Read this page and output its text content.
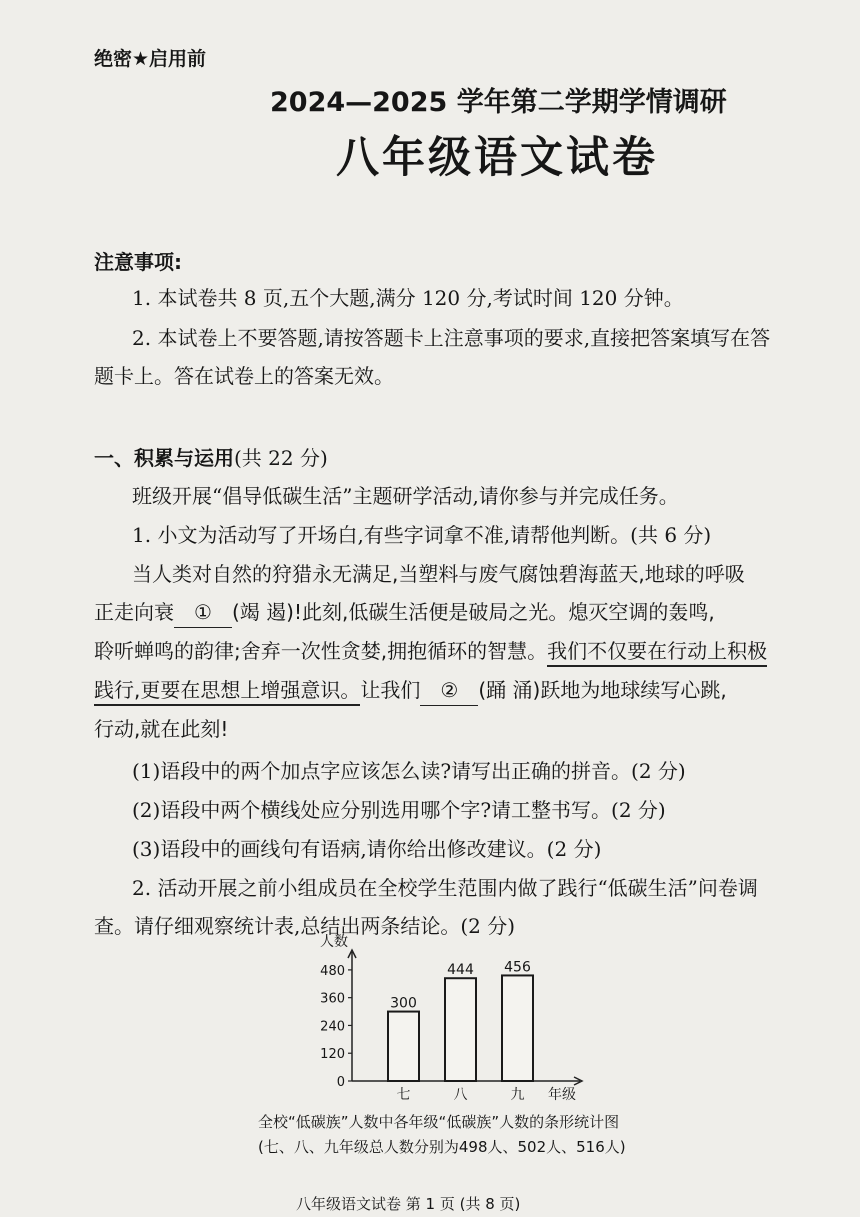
绝密★启用前
2024—2025 学年第二学期学情调研
八年级语文试卷
注意事项:
1. 本试卷共 8 页,五个大题,满分 120 分,考试时间 120 分钟。
2. 本试卷上不要答题,请按答题卡上注意事项的要求,直接把答案填写在答
题卡上。答在试卷上的答案无效。
一、积累与运用(共 22 分)
班级开展“倡导低碳生活”主题研学活动,请你参与并完成任务。
1. 小文为活动写了开场白,有些字词拿不准,请帮他判断。(共 6 分)
当人类对自然的狩猎永无满足,当塑料与废气腐蚀碧海蓝天,地球的呼吸
正走向衰 ① (竭 遏)!此刻,低碳生活便是破局之光。熄灭空调的轰鸣,
聆听蝉鸣的韵律;舍弃一次性贪婪,拥抱循环的智慧。我们不仅要在行动上积极
践行,更要在思想上增强意识。让我们 ② (踊 涌)跃地为地球续写心跳,
行动,就在此刻!
(1)语段中的两个加点字应该怎么读?请写出正确的拼音。(2 分)
(2)语段中两个横线处应分别选用哪个字?请工整书写。(2 分)
(3)语段中的画线句有语病,请你给出修改建议。(2 分)
2. 活动开展之前小组成员在全校学生范围内做了践行“低碳生活”问卷调
查。请仔细观察统计表,总结出两条结论。(2 分)
人数
0
120
240
360
480
300
七
444
八
456
九 年级
全校“低碳族”人数中各年级“低碳族”人数的条形统计图
(七、八、九年级总人数分别为498人、502人、516人)
八年级语文试卷 第 1 页 (共 8 页)
